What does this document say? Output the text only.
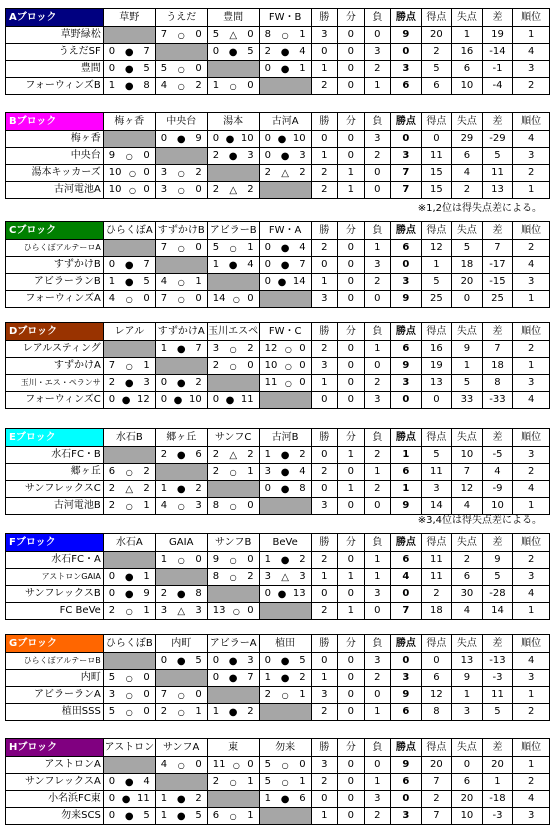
Aブロック	草野	うえだ	豊間	FW・B	勝	分	負	勝点	得点	失点	差	順位
草野緑松		7 ○ 0	5 △ 0	8 ○ 1	3	0	0	9	20	1	19	1
うえだSF	0 ● 7		0 ● 5	2 ● 4	0	0	3	0	2	16	-14	4
豊間	0 ● 5	5 ○ 0		0 ● 1	1	0	2	3	5	6	-1	3
フォーウィンズB	1 ● 8	4 ○ 2	1 ○ 0		2	0	1	6	6	10	-4	2
Bブロック	梅ヶ香	中央台	湯本	古河A	勝	分	負	勝点	得点	失点	差	順位
梅ヶ香		0 ● 9	0 ● 10	0 ● 10	0	0	3	0	0	29	-29	4
中央台	9 ○ 0		2 ● 3	0 ● 3	1	0	2	3	11	6	5	3
湯本キッカーズ	10 ○ 0	3 ○ 2		2 △ 2	2	1	0	7	15	4	11	2
古河電池A	10 ○ 0	3 ○ 0	2 △ 2		2	1	0	7	15	2	13	1
※1,2位は得失点差による。
Cブロック	ひらくぼA	すずかけB	アビラーB	FW・A	勝	分	負	勝点	得点	失点	差	順位
ひらくぼアルテーロA		7 ○ 0	5 ○ 1	0 ● 4	2	0	1	6	12	5	7	2
すずかけB	0 ● 7		1 ● 4	0 ● 7	0	0	3	0	1	18	-17	4
アビラーランB	1 ● 5	4 ○ 1		0 ● 14	1	0	2	3	5	20	-15	3
フォーウィンズA	4 ○ 0	7 ○ 0	14 ○ 0		3	0	0	9	25	0	25	1
Dブロック	レアル	すずかけA	玉川エスペ	FW・C	勝	分	負	勝点	得点	失点	差	順位
レアルスティング		1 ● 7	3 ○ 2	12 ○ 0	2	0	1	6	16	9	7	2
すずかけA	7 ○ 1		2 ○ 0	10 ○ 0	3	0	0	9	19	1	18	1
玉川・エス・ペランサ	2 ● 3	0 ● 2		11 ○ 0	1	0	2	3	13	5	8	3
フォーウィンズC	0 ● 12	0 ● 10	0 ● 11		0	0	3	0	0	33	-33	4
Eブロック	水石B	郷ヶ丘	サンフC	古河B	勝	分	負	勝点	得点	失点	差	順位
水石FC・B		2 ● 6	2 △ 2	1 ● 2	0	1	2	1	5	10	-5	3
郷ヶ丘	6 ○ 2		2 ○ 1	3 ● 4	2	0	1	6	11	7	4	2
サンフレックスC	2 △ 2	1 ● 2		0 ● 8	0	1	2	1	3	12	-9	4
古河電池B	2 ○ 1	4 ○ 3	8 ○ 0		3	0	0	9	14	4	10	1
※3,4位は得失点差による。
Fブロック	水石A	GAIA	サンフB	BeVe	勝	分	負	勝点	得点	失点	差	順位
水石FC・A		1 ○ 0	9 ○ 0	1 ● 2	2	0	1	6	11	2	9	2
アストロンGAIA	0 ● 1		8 ○ 2	3 △ 3	1	1	1	4	11	6	5	3
サンフレックスB	0 ● 9	2 ● 8		0 ● 13	0	0	3	0	2	30	-28	4
FC BeVe	2 ○ 1	3 △ 3	13 ○ 0		2	1	0	7	18	4	14	1
Gブロック	ひらくぼB	内町	アビラーA	植田	勝	分	負	勝点	得点	失点	差	順位
ひらくぼアルテーロB		0 ● 5	0 ● 3	0 ● 5	0	0	3	0	0	13	-13	4
内町	5 ○ 0		0 ● 7	1 ● 2	1	0	2	3	6	9	-3	3
アビラーランA	3 ○ 0	7 ○ 0		2 ○ 1	3	0	0	9	12	1	11	1
植田SSS	5 ○ 0	2 ○ 1	1 ● 2		2	0	1	6	8	3	5	2
Hブロック	アストロン	サンフA	東	勿来	勝	分	負	勝点	得点	失点	差	順位
アストロンA		4 ○ 0	11 ○ 0	5 ○ 0	3	0	0	9	20	0	20	1
サンフレックスA	0 ● 4		2 ○ 1	5 ○ 1	2	0	1	6	7	6	1	2
小名浜FC東	0 ● 11	1 ● 2		1 ● 6	0	0	3	0	2	20	-18	4
勿来SCS	0 ● 5	1 ● 5	6 ○ 1		1	0	2	3	7	10	-3	3
